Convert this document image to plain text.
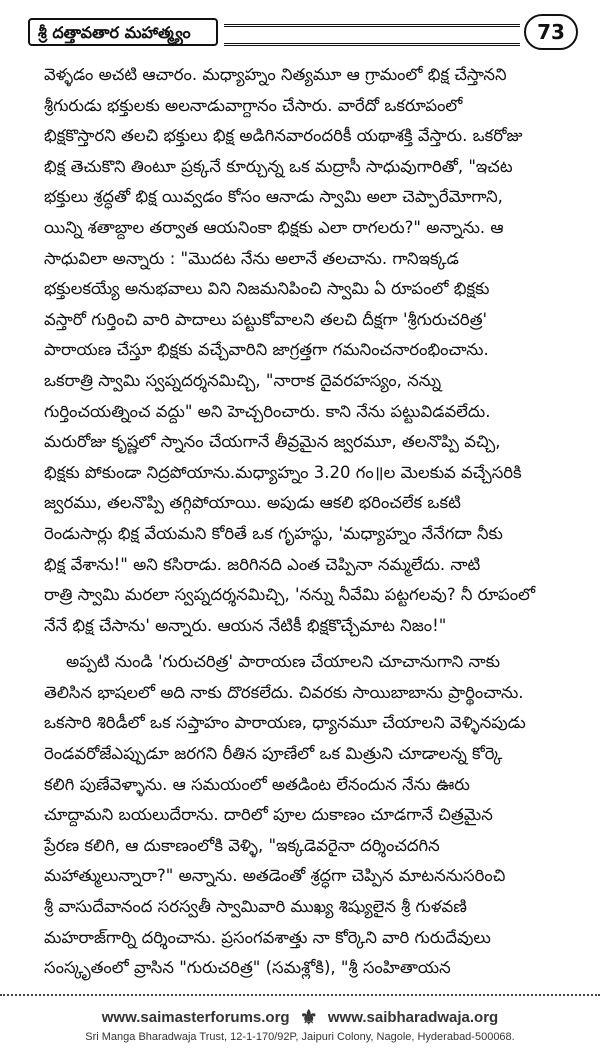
శ్రీ దత్తావతార మహాత్మ్యం	73

వెళ్ళడం అచటి ఆచారం. మధ్యాహ్నం నిత్యమూ ఆ గ్రామంలో భిక్ష చేస్తానని

శ్రీగురుడు భక్తులకు అలనాడువాగ్దానం చేసారు. వారేదో ఒకరూపంలో

భిక్షకొస్తారని తలచి భక్తులు భిక్ష అడిగినవారందరికీ యథాశక్తి వేస్తారు. ఒకరోజు

భిక్ష తెచుకొని తింటూ ప్రక్కనే కూర్చున్న ఒక మద్రాసీ సాధువుగారితో, "ఇచట

భక్తులు శ్రద్ధతో భిక్ష యివ్వడం కోసం ఆనాడు స్వామి అలా చెప్పారేమోగాని,

యిన్ని శతాబ్దాల తర్వాత ఆయనింకా భిక్షకు ఎలా రాగలరు?" అన్నాను. ఆ

సాధువిలా అన్నారు : "మొదట నేను అలానే తలచాను. గానిఇక్కడ

భక్తులకయ్యే అనుభవాలు విని నిజమనిపించి స్వామి ఏ రూపంలో భిక్షకు

వస్తారో గుర్తించి వారి పాదాలు పట్టుకోవాలని తలచి దీక్షగా 'శ్రీగురుచరిత్ర'

పారాయణ చేస్తూ భిక్షకు వచ్చేవారిని జాగ్రత్తగా గమనించనారంభించాను.

ఒకరాత్రి స్వామి స్వప్నదర్శనమిచ్చి, "నారాక దైవరహస్యం, నన్ను

గుర్తించయత్నించ వద్దు" అని హెచ్చరించారు. కాని నేను పట్టువిడవలేదు.

మరురోజు కృష్ణలో స్నానం చేయగానే తీవ్రమైన జ్వరమూ, తలనొప్పి వచ్చి,

భిక్షకు పోకుండా నిద్రపోయాను.మధ్యాహ్నం 3.20 గం॥ల మెలకువ వచ్చేసరికి

జ్వరము, తలనొప్పి తగ్గిపోయాయి. అపుడు ఆకలి భరించలేక ఒకటి

రెండుసార్లు భిక్ష వేయమని కోరితే ఒక గృహస్థు, 'మధ్యాహ్నం నేనేగదా నీకు

భిక్ష వేశాను!" అని కసిరాడు. జరిగినది ఎంత చెప్పినా నమ్మలేదు. నాటి

రాత్రి స్వామి మరలా స్వప్నదర్శనమిచ్చి, 'నన్ను నీవేమి పట్టగలవు? నీ రూపంలో

నేనే భిక్ష చేసాను' అన్నారు. ఆయన నేటికీ భిక్షకొచ్చేమాట నిజం!"

అప్పటి నుండి 'గురుచరిత్ర' పారాయణ చేయాలని చూచానుగాని నాకు

తెలిసిన భాషలలో అది నాకు దొరకలేదు. చివరకు సాయిబాబాను ప్రార్థించాను.

ఒకసారి శిరిడీలో ఒక సప్తాహం పారాయణ, ధ్యానమూ చేయాలని వెళ్ళినపుడు

రెండవరోజేఎప్పుడూ జరగని రీతిన పూణేలో ఒక మిత్రుని చూడాలన్న కోర్కె

కలిగి పుణేవెళ్ళాను. ఆ సమయంలో అతడింట లేనందున నేను ఊరు

చూద్దామని బయలుదేరాను. దారిలో పూల దుకాణం చూడగానే చిత్రమైన

ప్రేరణ కలిగి, ఆ దుకాణంలోకి వెళ్ళి, "ఇక్కడెవరైనా దర్శించదగిన

మహాత్ములున్నారా?" అన్నాను. అతడెంతో శ్రద్ధగా చెప్పిన మాటననుసరించి

శ్రీ వాసుదేవానంద సరస్వతీ స్వామివారి ముఖ్య శిష్యులైన శ్రీ గుళవణి

మహరాజ్‌గార్ని దర్శించాను. ప్రసంగవశాత్తు నా కోర్కెని వారి గురుదేవులు

సంస్కృతంలో వ్రాసిన "గురుచరిత్ర" (సమశ్లోకి), "శ్రీ సంహితాయన

www.saimasterforums.org ⚜ www.saibharadwaja.org
Sri Manga Bharadwaja Trust, 12-1-170/92P, Jaipuri Colony, Nagole, Hyderabad-500068.
